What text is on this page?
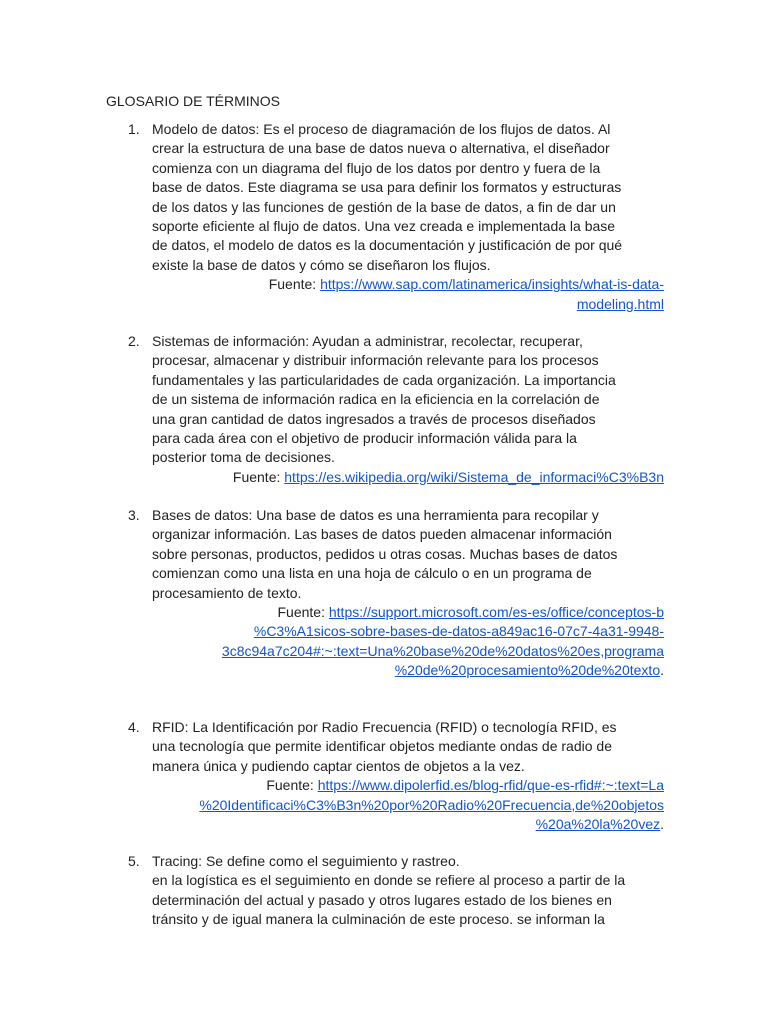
GLOSARIO DE TÉRMINOS
1. Modelo de datos: Es el proceso de diagramación de los flujos de datos. Al
crear la estructura de una base de datos nueva o alternativa, el diseñador
comienza con un diagrama del flujo de los datos por dentro y fuera de la
base de datos. Este diagrama se usa para definir los formatos y estructuras
de los datos y las funciones de gestión de la base de datos, a fin de dar un
soporte eficiente al flujo de datos. Una vez creada e implementada la base
de datos, el modelo de datos es la documentación y justificación de por qué
existe la base de datos y cómo se diseñaron los flujos.
Fuente: https://www.sap.com/latinamerica/insights/what-is-data-
modeling.html
2. Sistemas de información: Ayudan a administrar, recolectar, recuperar,
procesar, almacenar y distribuir información relevante para los procesos
fundamentales y las particularidades de cada organización. La importancia
de un sistema de información radica en la eficiencia en la correlación de
una gran cantidad de datos ingresados a través de procesos diseñados
para cada área con el objetivo de producir información válida para la
posterior toma de decisiones.
Fuente: https://es.wikipedia.org/wiki/Sistema_de_informaci%C3%B3n
3. Bases de datos: Una base de datos es una herramienta para recopilar y
organizar información. Las bases de datos pueden almacenar información
sobre personas, productos, pedidos u otras cosas. Muchas bases de datos
comienzan como una lista en una hoja de cálculo o en un programa de
procesamiento de texto.
Fuente: https://support.microsoft.com/es-es/office/conceptos-b
%C3%A1sicos-sobre-bases-de-datos-a849ac16-07c7-4a31-9948-
3c8c94a7c204#:~:text=Una%20base%20de%20datos%20es,programa
%20de%20procesamiento%20de%20texto.
4. RFID: La Identificación por Radio Frecuencia (RFID) o tecnología RFID, es
una tecnología que permite identificar objetos mediante ondas de radio de
manera única y pudiendo captar cientos de objetos a la vez.
Fuente: https://www.dipolerfid.es/blog-rfid/que-es-rfid#:~:text=La
%20Identificaci%C3%B3n%20por%20Radio%20Frecuencia,de%20objetos
%20a%20la%20vez.
5. Tracing: Se define como el seguimiento y rastreo.
en la logística es el seguimiento en donde se refiere al proceso a partir de la
determinación del actual y pasado y otros lugares estado de los bienes en
tránsito y de igual manera la culminación de este proceso. se informan la
